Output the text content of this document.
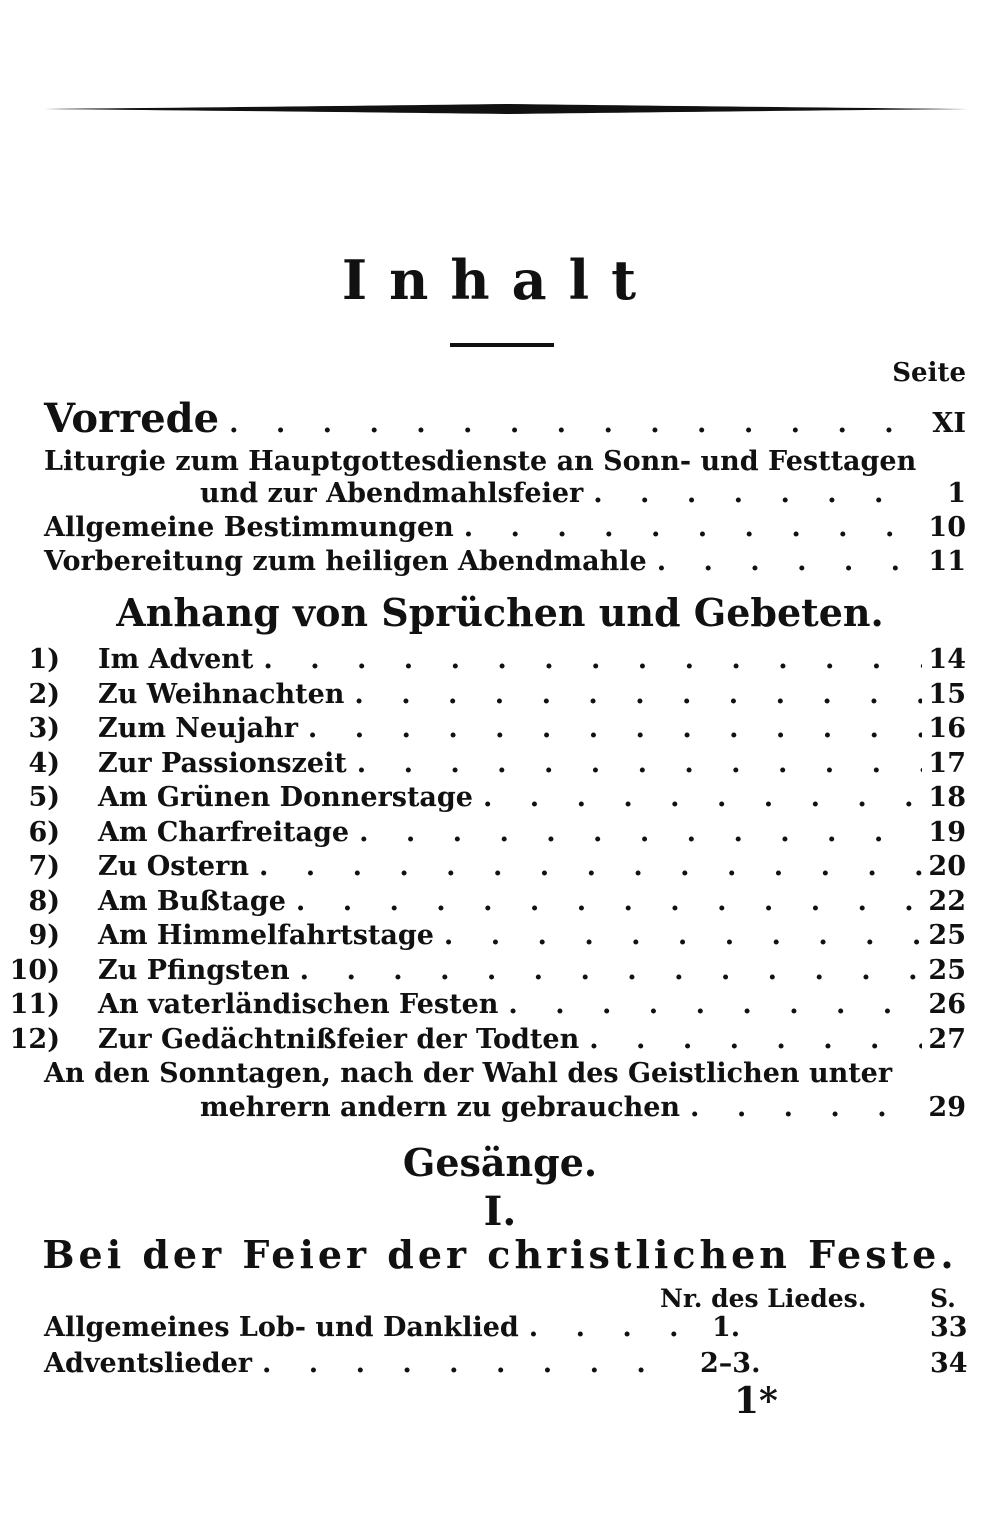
Inhalt
Seite
Vorrede . . .	XI
Liturgie zum Hauptgottesdienste an Sonn- und Festtagen
und zur Abendmahlsfeier . . .	1
Allgemeine Bestimmungen . . .	10
Vorbereitung zum heiligen Abendmahle . . .	11
Anhang von Sprüchen und Gebeten.
1)	Im Advent . . .	14
2)	Zu Weihnachten . . .	15
3)	Zum Neujahr . . .	16
4)	Zur Passionszeit . . .	17
5)	Am Grünen Donnerstage . . .	18
6)	Am Charfreitage . . .	19
7)	Zu Ostern . . .	20
8)	Am Bußtage . . .	22
9)	Am Himmelfahrtstage . . .	25
10)	Zu Pfingsten . . .	25
11)	An vaterländischen Festen . . .	26
12)	Zur Gedächtnißfeier der Todten . . .	27
An den Sonntagen, nach der Wahl des Geistlichen unter
mehrern andern zu gebrauchen . . .	29
Gesänge.
I.
Bei der Feier der christlichen Feste.
Nr. des Liedes.	S.
Allgemeines Lob- und Danklied . . .	1.	33
Adventslieder . . .	2–3.	34
1*
